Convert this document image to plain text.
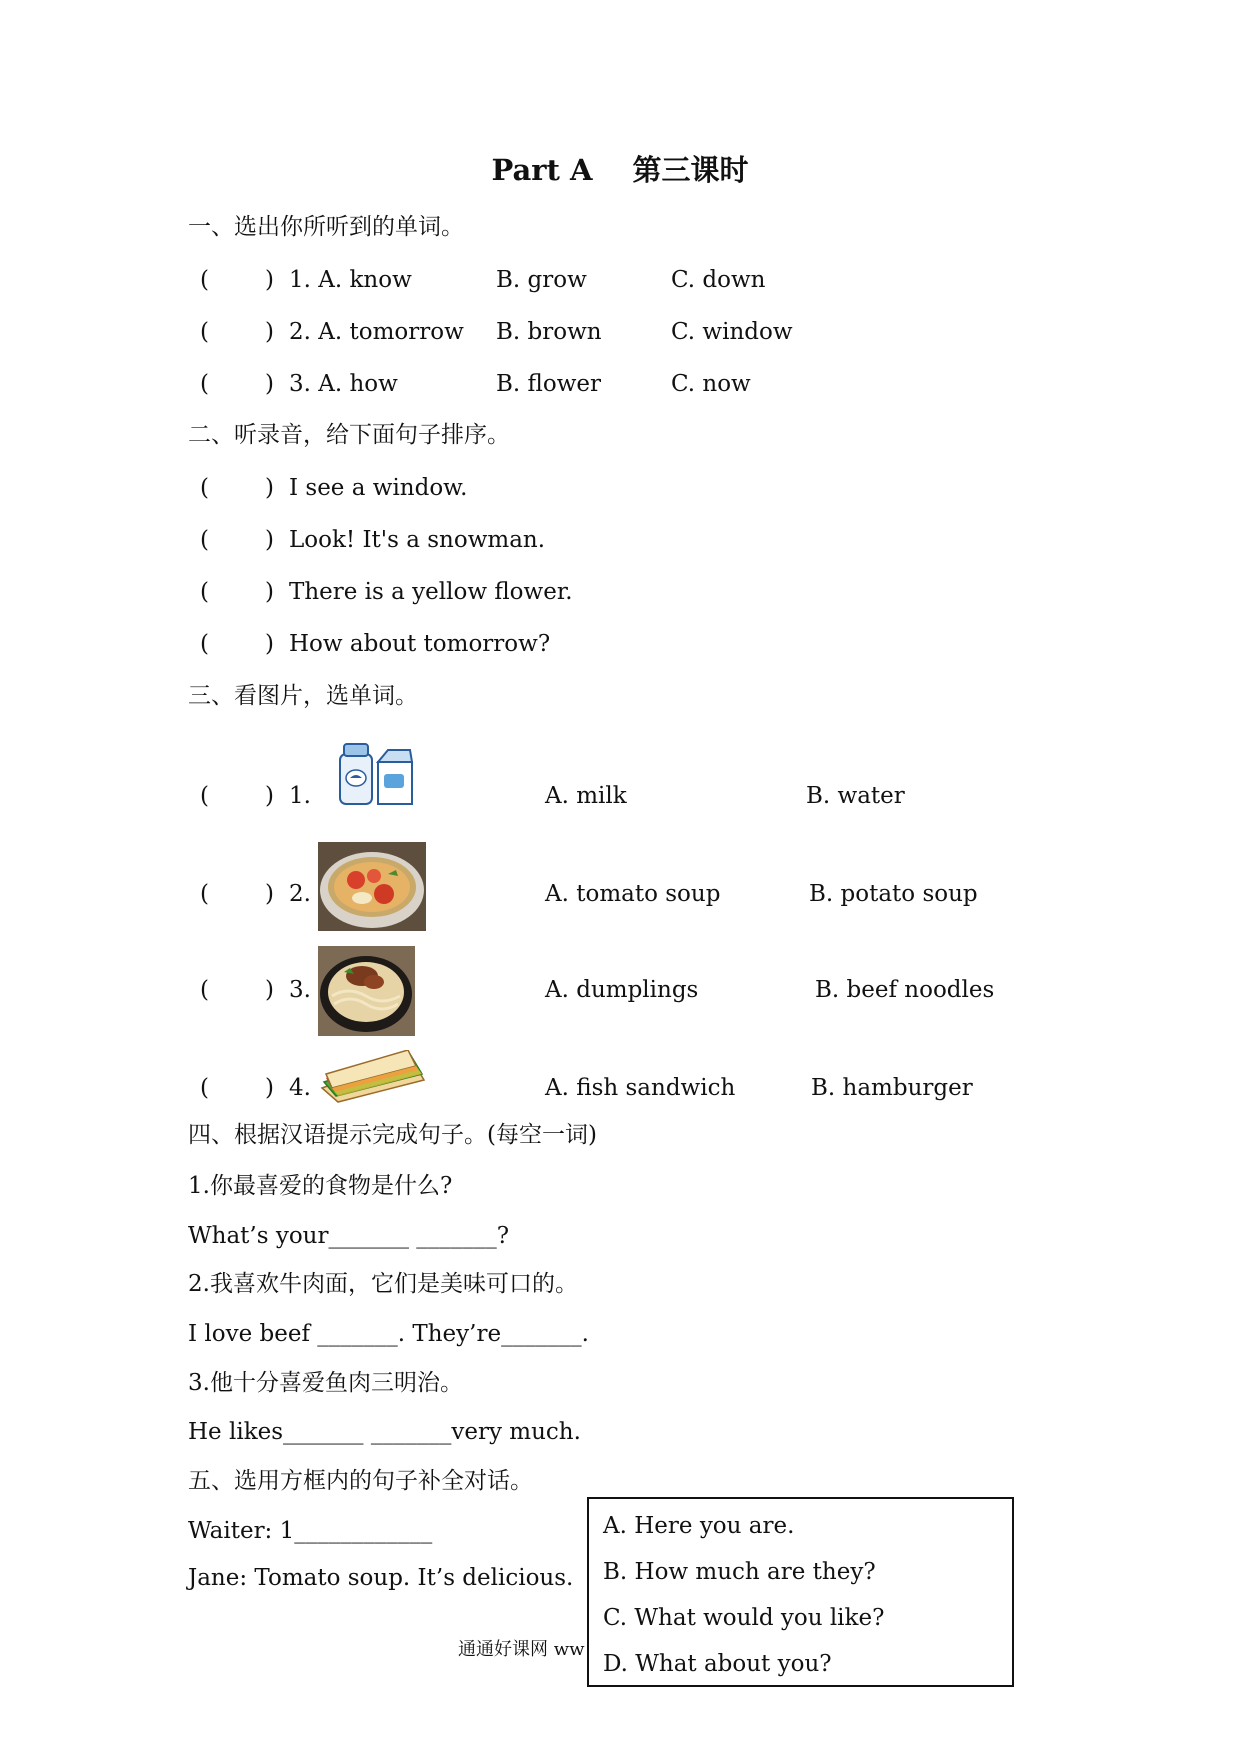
Part A 第三课时
一、选出你所听到的单词。
( ) 1. A. know	B. grow	C. down
( ) 2. A. tomorrow B. brown	C. window
( ) 3. A. how	B. flower	C. now
二、听录音，给下面句子排序。
( ) I see a window.
( ) Look! It's a snowman.
( ) There is a yellow flower.
( ) How about tomorrow?
三、看图片，选单词。
( ) 1.	A. milk	B. water
( ) 2.	A. tomato soup	B. potato soup
( ) 3.	A. dumplings	B. beef noodles
( ) 4.	A. fish sandwich	B. hamburger
四、根据汉语提示完成句子。(每空一词)
1.你最喜爱的食物是什么?
What’s your_______ _______?
2.我喜欢牛肉面，它们是美味可口的。
I love beef _______. They’re_______.
3.他十分喜爱鱼肉三明治。
He likes_______ _______very much.
五、选用方框内的句子补全对话。
Waiter: 1____________
Jane: Tomato soup. It’s delicious.
通通好课网 ww
A. Here you are.
B. How much are they?
C. What would you like?
D. What about you?
